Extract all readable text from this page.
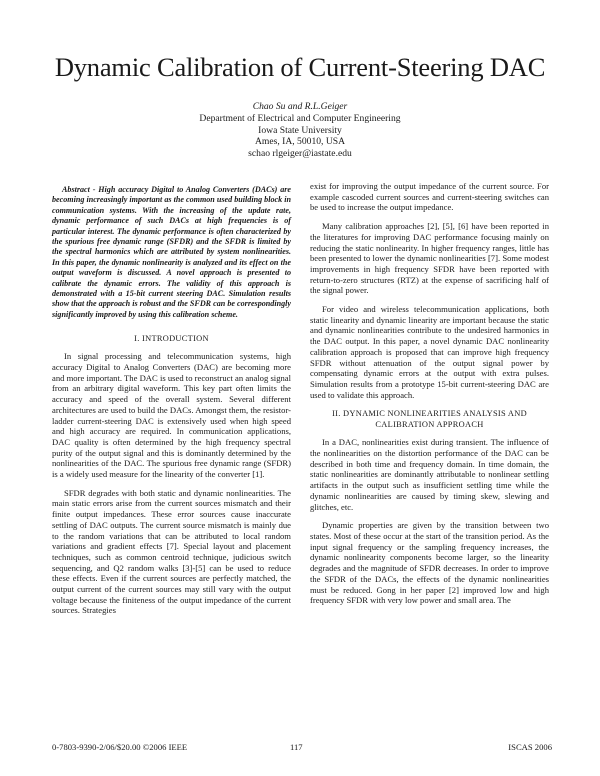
Dynamic Calibration of Current-Steering DAC
Chao Su and R.L.Geiger
Department of Electrical and Computer Engineering
Iowa State University
Ames, IA, 50010, USA
schao rlgeiger@iastate.edu

Abstract - High accuracy Digital to Analog Converters (DACs) are becoming increasingly important as the common used building block in communication systems. With the increasing of the update rate, dynamic performance of such DACs at high frequencies is of particular interest. The dynamic performance is often characterized by the spurious free dynamic range (SFDR) and the SFDR is limited by the spectral harmonics which are attributed by system nonlinearities. In this paper, the dynamic nonlinearity is analyzed and its effect on the output waveform is discussed. A novel approach is presented to calibrate the dynamic errors. The validity of this approach is demonstrated with a 15-bit current steering DAC. Simulation results show that the approach is robust and the SFDR can be correspondingly significantly improved by using this calibration scheme.

I. INTRODUCTION

In signal processing and telecommunication systems, high accuracy Digital to Analog Converters (DAC) are becoming more and more important. The DAC is used to reconstruct an analog signal from an arbitrary digital waveform. This key part often limits the accuracy and speed of the overall system. Several different architectures are used to build the DACs. Amongst them, the resistor-ladder current-steering DAC is extensively used when high speed and high accuracy are required. In communication applications, DAC quality is often determined by the high frequency spectral purity of the output signal and this is dominantly determined by the nonlinearities of the DAC. The spurious free dynamic range (SFDR) is a widely used measure for the linearity of the converter [1].

SFDR degrades with both static and dynamic nonlinearities. The main static errors arise from the current sources mismatch and their finite output impedances. These error sources cause inaccurate settling of DAC outputs. The current source mismatch is mainly due to the random variations that can be attributed to local random variations and gradient effects [7]. Special layout and placement techniques, such as common centroid technique, judicious switch sequencing, and Q2 random walks [3]-[5] can be used to reduce these effects. Even if the current sources are perfectly matched, the output current of the current sources may still vary with the output voltage because the finiteness of the output impedance of the current sources. Strategies

exist for improving the output impedance of the current source. For example cascoded current sources and current-steering switches can be used to increase the output impedance.

Many calibration approaches [2], [5], [6] have been reported in the literatures for improving DAC performance focusing mainly on reducing the static nonlinearity. In higher frequency ranges, little has been presented to lower the dynamic nonlinearities [7]. Some modest improvements in high frequency SFDR have been reported with return-to-zero structures (RTZ) at the expense of sacrificing half of the signal power.

For video and wireless telecommunication applications, both static linearity and dynamic linearity are important because the static and dynamic nonlinearities contribute to the undesired harmonics in the DAC output. In this paper, a novel dynamic DAC nonlinearity calibration approach is proposed that can improve high frequency SFDR without attenuation of the output signal power by compensating dynamic errors at the output with extra pulses. Simulation results from a prototype 15-bit current-steering DAC are used to validate this approach.

II. DYNAMIC NONLINEARITIES ANALYSIS AND CALIBRATION APPROACH

In a DAC, nonlinearities exist during transient. The influence of the nonlinearities on the distortion performance of the DAC can be described in both time and frequency domain. In time domain, the static nonlinearities are dominantly attributable to nonlinear settling artifacts in the output such as insufficient settling time while the dynamic nonlinearities are caused by timing skew, slewing and glitches, etc.

Dynamic properties are given by the transition between two states. Most of these occur at the start of the transition period. As the input signal frequency or the sampling frequency increases, the dynamic nonlinearity components become larger, so the linearity degrades and the magnitude of SFDR decreases. In order to improve the SFDR of the DACs, the effects of the dynamic nonlinearities must be reduced. Gong in her paper [2] improved low and high frequency SFDR with very low power and small area. The

0-7803-9390-2/06/$20.00 ©2006 IEEE	117	ISCAS 2006
